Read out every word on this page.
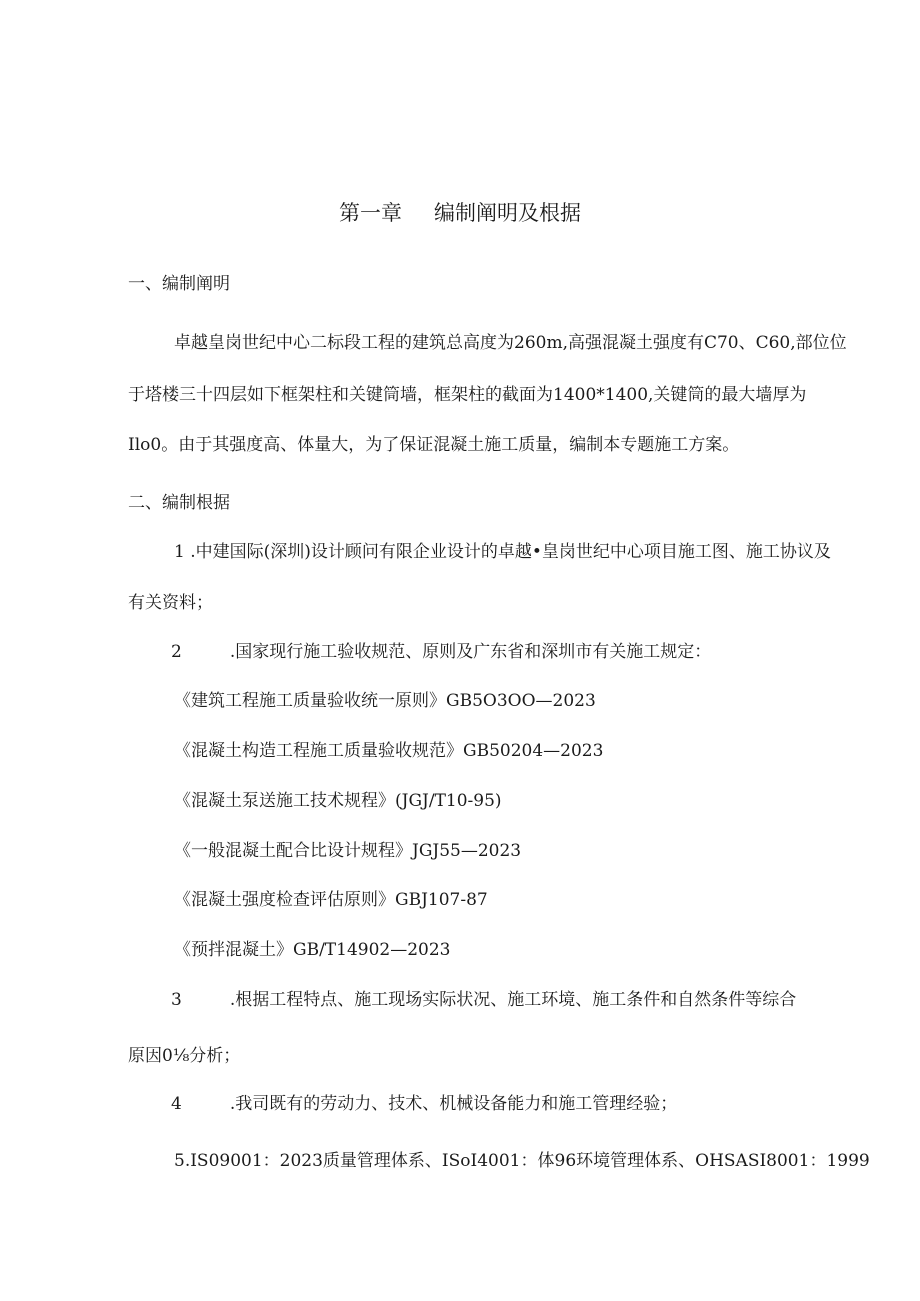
第一章 编制阐明及根据
一、编制阐明
卓越皇岗世纪中心二标段工程的建筑总高度为260m,高强混凝土强度有C70、C60,部位位
于塔楼三十四层如下框架柱和关键筒墙，框架柱的截面为1400*1400,关键筒的最大墙厚为
Ilo0。由于其强度高、体量大，为了保证混凝土施工质量，编制本专题施工方案。
二、编制根据
1 .中建国际(深圳)设计顾问有限企业设计的卓越•皇岗世纪中心项目施工图、施工协议及
有关资料；
2	.国家现行施工验收规范、原则及广东省和深圳市有关施工规定：
《建筑工程施工质量验收统一原则》GB5O3OO—2023
《混凝土构造工程施工质量验收规范》GB50204—2023
《混凝土泵送施工技术规程》(JGJ/T10-95)
《一般混凝土配合比设计规程》JGJ55—2023
《混凝土强度检查评估原则》GBJ107-87
《预拌混凝土》GB/T14902—2023
3	.根据工程特点、施工现场实际状况、施工环境、施工条件和自然条件等综合
原因0⅛分析；
4	.我司既有的劳动力、技术、机械设备能力和施工管理经验；
5.IS09001：2023质量管理体系、ISoI4001：体96环境管理体系、OHSASI8001：1999
